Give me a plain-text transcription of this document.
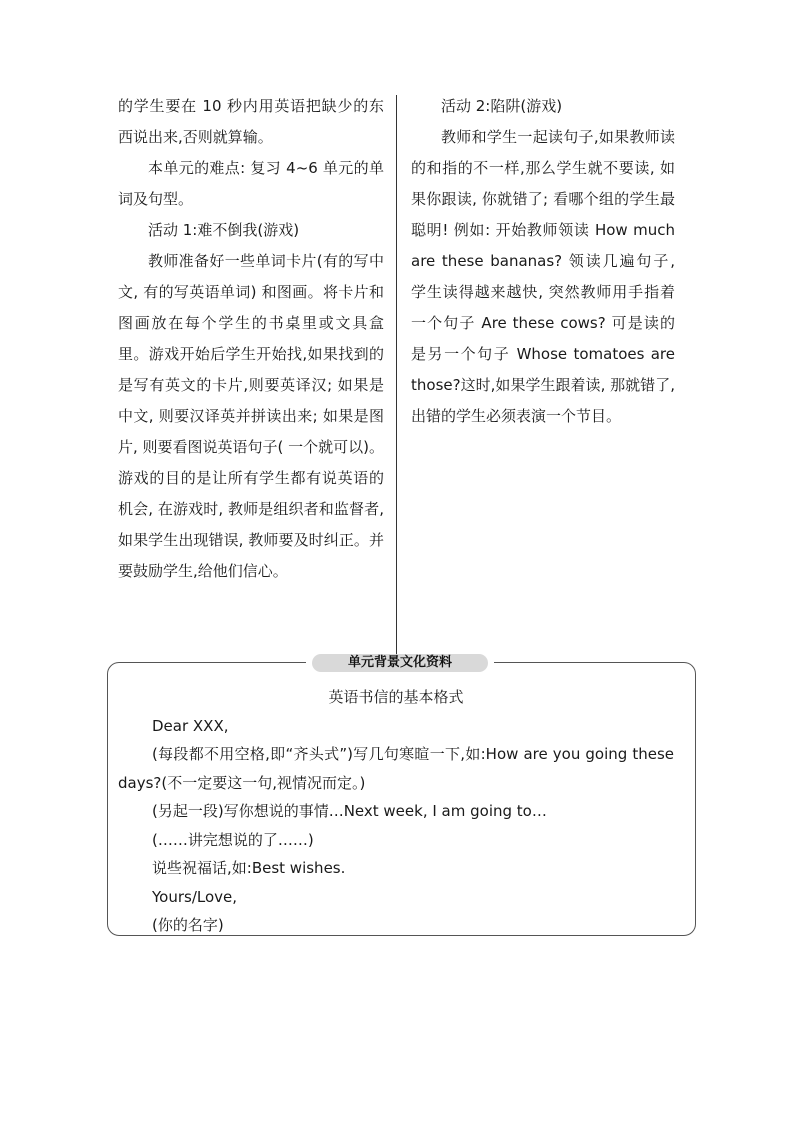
的学生要在 10 秒内用英语把缺少的东西说出来,否则就算输。

本单元的难点: 复习 4~6 单元的单词及句型。

活动 1:难不倒我(游戏)

教师准备好一些单词卡片(有的写中文, 有的写英语单词) 和图画。将卡片和图画放在每个学生的书桌里或文具盒里。游戏开始后学生开始找,如果找到的是写有英文的卡片,则要英译汉; 如果是中文, 则要汉译英并拼读出来; 如果是图片, 则要看图说英语句子( 一个就可以)。游戏的目的是让所有学生都有说英语的机会, 在游戏时, 教师是组织者和监督者, 如果学生出现错误, 教师要及时纠正。并要鼓励学生,给他们信心。

活动 2:陷阱(游戏)

教师和学生一起读句子,如果教师读的和指的不一样,那么学生就不要读, 如果你跟读, 你就错了; 看哪个组的学生最聪明! 例如: 开始教师领读 How much are these bananas? 领读几遍句子, 学生读得越来越快, 突然教师用手指着一个句子 Are these cows? 可是读的是另一个句子 Whose tomatoes are those?这时,如果学生跟着读, 那就错了, 出错的学生必须表演一个节目。

单元背景文化资料

英语书信的基本格式

Dear XXX,

(每段都不用空格,即“齐头式”)写几句寒暄一下,如:How are you going these days?(不一定要这一句,视情况而定。)

(另起一段)写你想说的事情…Next week, I am going to…

(……讲完想说的了……)

说些祝福话,如:Best wishes.

Yours/Love,

(你的名字)
